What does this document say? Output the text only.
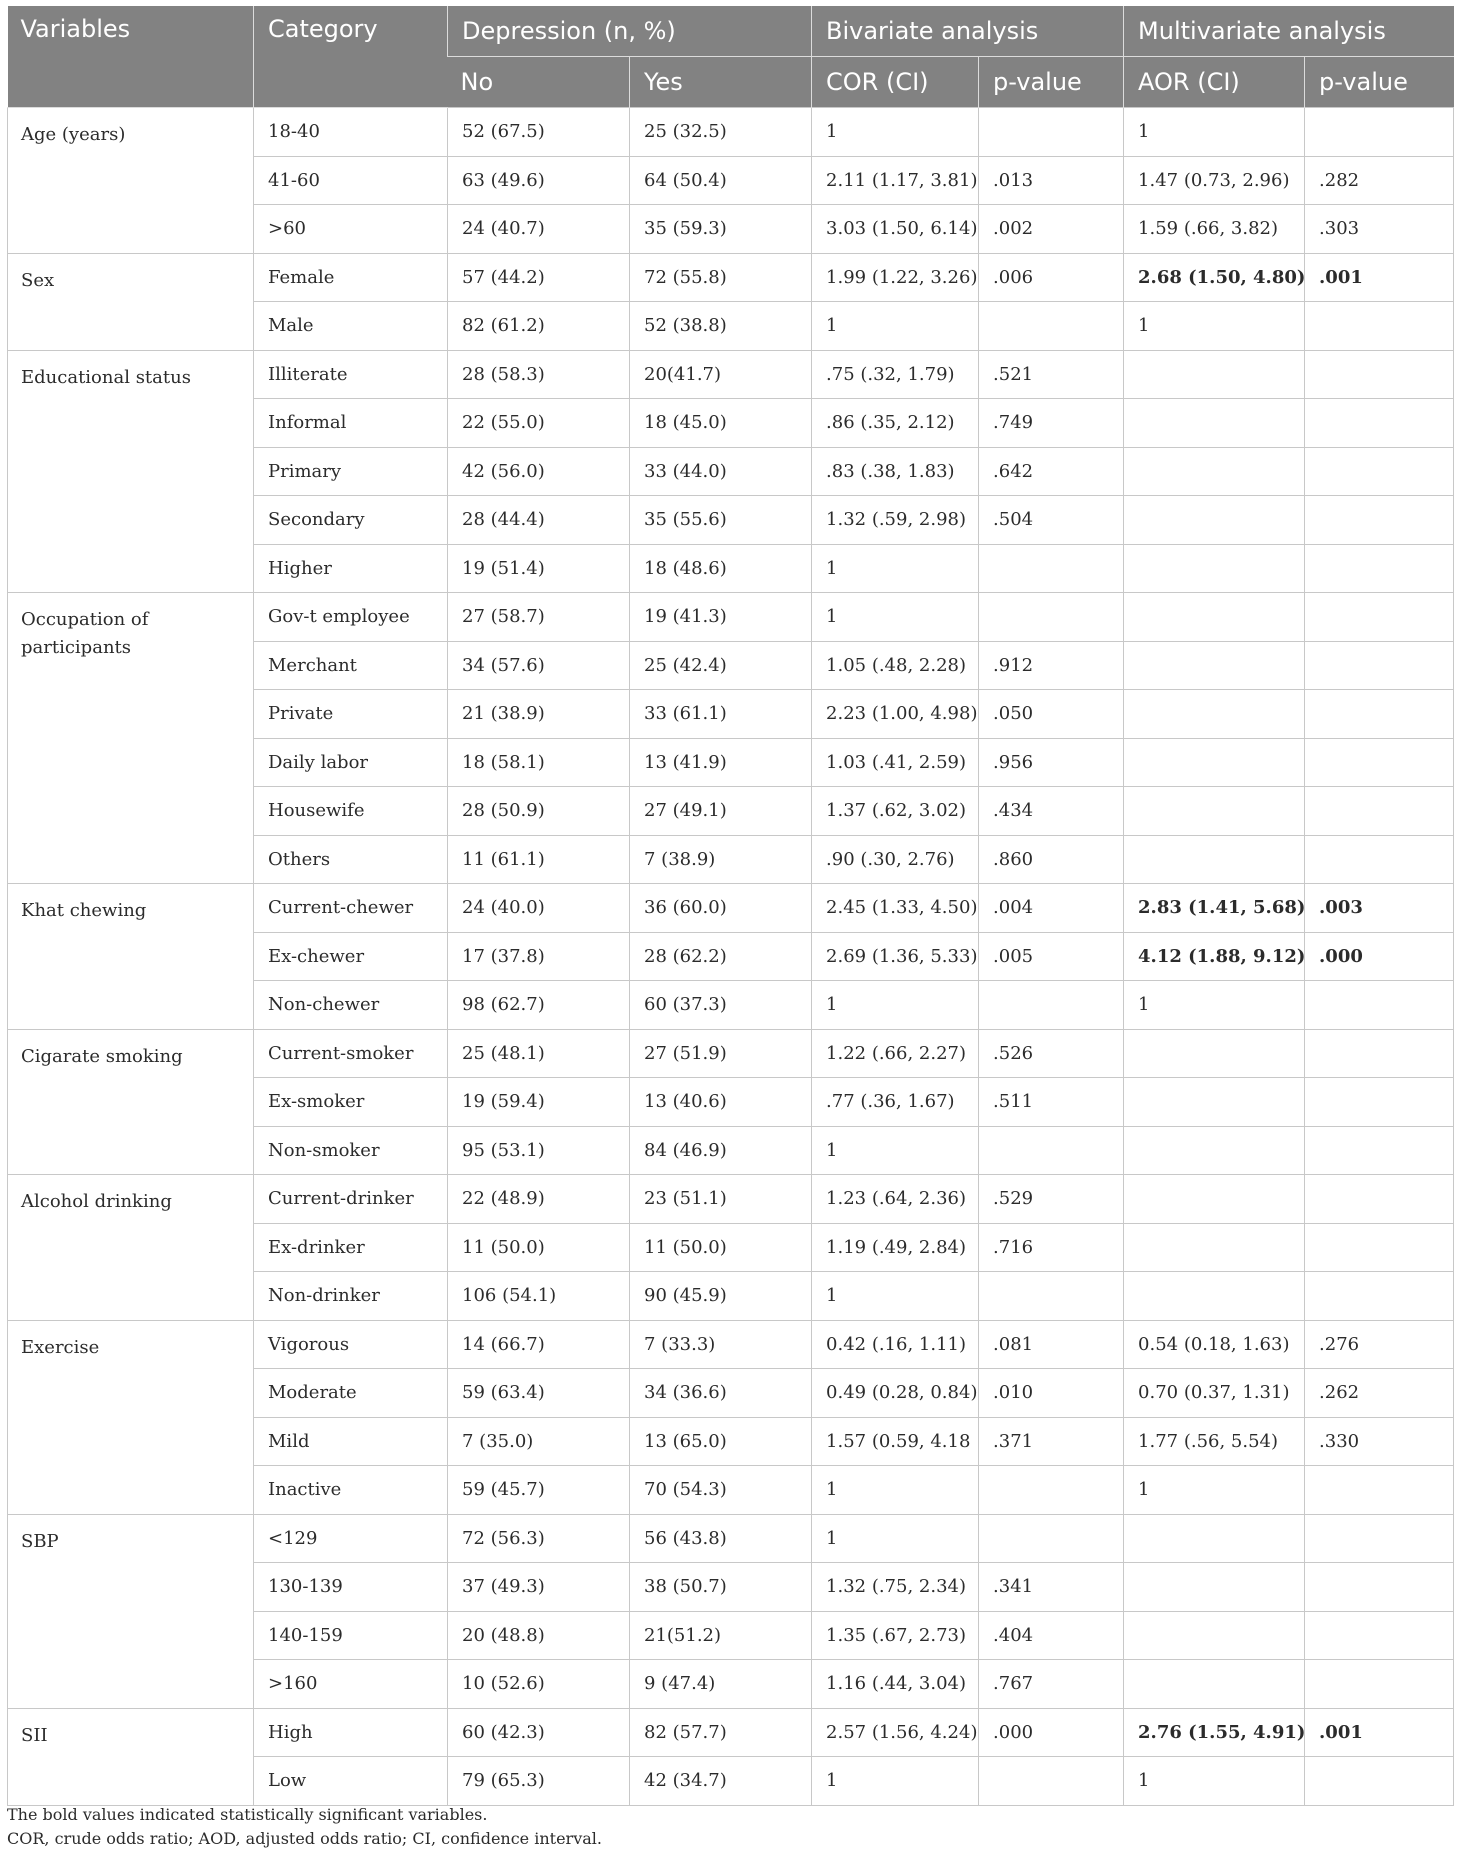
Variables	Category	Depression (n, %)		Bivariate analysis		Multivariate analysis	
		No	Yes	COR (CI)	p-value	AOR (CI)	p-value
Age (years)	18-40	52 (67.5)	25 (32.5)	1		1	
	41-60	63 (49.6)	64 (50.4)	2.11 (1.17, 3.81)	.013	1.47 (0.73, 2.96)	.282
	>60	24 (40.7)	35 (59.3)	3.03 (1.50, 6.14)	.002	1.59 (.66, 3.82)	.303
Sex	Female	57 (44.2)	72 (55.8)	1.99 (1.22, 3.26)	.006	2.68 (1.50, 4.80)	.001
	Male	82 (61.2)	52 (38.8)	1		1	
Educational status	Illiterate	28 (58.3)	20(41.7)	.75 (.32, 1.79)	.521		
	Informal	22 (55.0)	18 (45.0)	.86 (.35, 2.12)	.749		
	Primary	42 (56.0)	33 (44.0)	.83 (.38, 1.83)	.642		
	Secondary	28 (44.4)	35 (55.6)	1.32 (.59, 2.98)	.504		
	Higher	19 (51.4)	18 (48.6)	1			
Occupation of participants	Gov-t employee	27 (58.7)	19 (41.3)	1			
	Merchant	34 (57.6)	25 (42.4)	1.05 (.48, 2.28)	.912		
	Private	21 (38.9)	33 (61.1)	2.23 (1.00, 4.98)	.050		
	Daily labor	18 (58.1)	13 (41.9)	1.03 (.41, 2.59)	.956		
	Housewife	28 (50.9)	27 (49.1)	1.37 (.62, 3.02)	.434		
	Others	11 (61.1)	7 (38.9)	.90 (.30, 2.76)	.860		
Khat chewing	Current-chewer	24 (40.0)	36 (60.0)	2.45 (1.33, 4.50)	.004	2.83 (1.41, 5.68)	.003
	Ex-chewer	17 (37.8)	28 (62.2)	2.69 (1.36, 5.33)	.005	4.12 (1.88, 9.12)	.000
	Non-chewer	98 (62.7)	60 (37.3)	1		1	
Cigarate smoking	Current-smoker	25 (48.1)	27 (51.9)	1.22 (.66, 2.27)	.526		
	Ex-smoker	19 (59.4)	13 (40.6)	.77 (.36, 1.67)	.511		
	Non-smoker	95 (53.1)	84 (46.9)	1			
Alcohol drinking	Current-drinker	22 (48.9)	23 (51.1)	1.23 (.64, 2.36)	.529		
	Ex-drinker	11 (50.0)	11 (50.0)	1.19 (.49, 2.84)	.716		
	Non-drinker	106 (54.1)	90 (45.9)	1			
Exercise	Vigorous	14 (66.7)	7 (33.3)	0.42 (.16, 1.11)	.081	0.54 (0.18, 1.63)	.276
	Moderate	59 (63.4)	34 (36.6)	0.49 (0.28, 0.84)	.010	0.70 (0.37, 1.31)	.262
	Mild	7 (35.0)	13 (65.0)	1.57 (0.59, 4.18	.371	1.77 (.56, 5.54)	.330
	Inactive	59 (45.7)	70 (54.3)	1		1	
SBP	<129	72 (56.3)	56 (43.8)	1			
	130-139	37 (49.3)	38 (50.7)	1.32 (.75, 2.34)	.341		
	140-159	20 (48.8)	21(51.2)	1.35 (.67, 2.73)	.404		
	>160	10 (52.6)	9 (47.4)	1.16 (.44, 3.04)	.767		
SII	High	60 (42.3)	82 (57.7)	2.57 (1.56, 4.24)	.000	2.76 (1.55, 4.91)	.001
	Low	79 (65.3)	42 (34.7)	1		1	
The bold values indicated statistically significant variables.
COR, crude odds ratio; AOD, adjusted odds ratio; CI, confidence interval.
